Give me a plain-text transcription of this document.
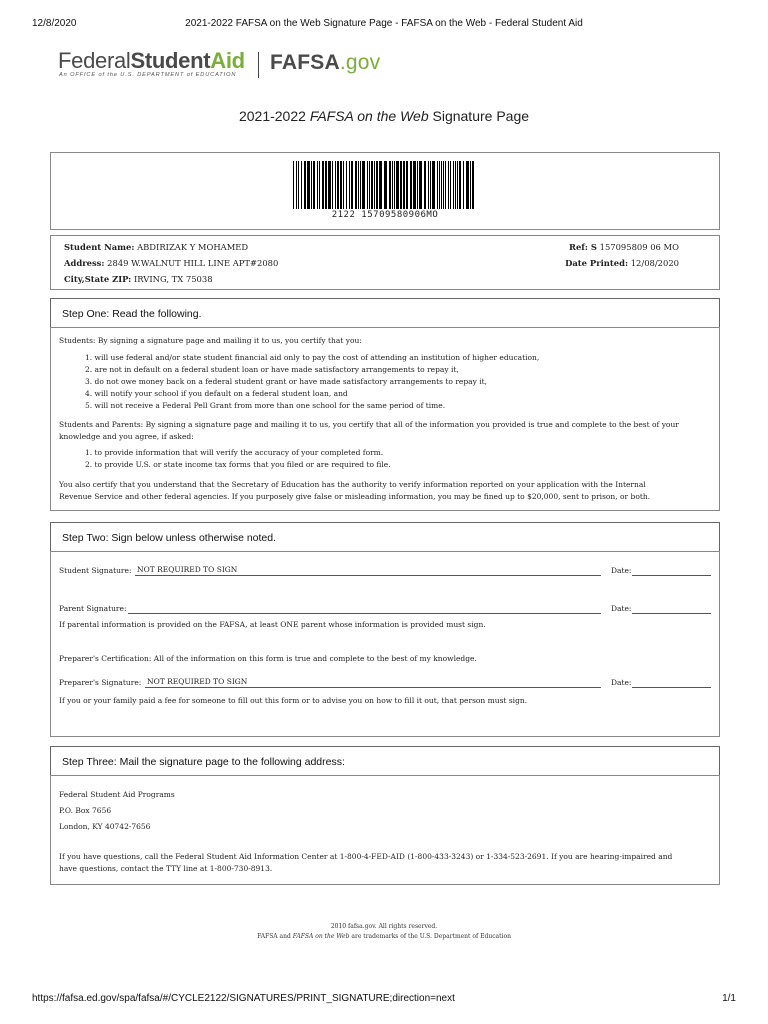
12/8/2020	2021-2022 FAFSA on the Web Signature Page - FAFSA on the Web - Federal Student Aid
FederalStudentAid
An OFFICE of the U.S. DEPARTMENT of EDUCATION
FAFSA.gov
2021-2022 FAFSA on the Web Signature Page
2122 15709580906MO
Student Name: ABDIRIZAK Y MOHAMED
Address: 2849 W.WALNUT HILL LINE APT#2080
City,State ZIP: IRVING, TX 75038
Ref: S 157095809 06 MO
Date Printed: 12/08/2020
Step One: Read the following.
Students: By signing a signature page and mailing it to us, you certify that you:
1. will use federal and/or state student financial aid only to pay the cost of attending an institution of higher education,
2. are not in default on a federal student loan or have made satisfactory arrangements to repay it,
3. do not owe money back on a federal student grant or have made satisfactory arrangements to repay it,
4. will notify your school if you default on a federal student loan, and
5. will not receive a Federal Pell Grant from more than one school for the same period of time.
Students and Parents: By signing a signature page and mailing it to us, you certify that all of the information you provided is true and complete to the best of your
knowledge and you agree, if asked:
1. to provide information that will verify the accuracy of your completed form.
2. to provide U.S. or state income tax forms that you filed or are required to file.
You also certify that you understand that the Secretary of Education has the authority to verify information reported on your application with the Internal
Revenue Service and other federal agencies. If you purposely give false or misleading information, you may be fined up to $20,000, sent to prison, or both.
Step Two: Sign below unless otherwise noted.
Student Signature: NOT REQUIRED TO SIGN	Date:
Parent Signature:	Date:
If parental information is provided on the FAFSA, at least ONE parent whose information is provided must sign.
Preparer's Certification: All of the information on this form is true and complete to the best of my knowledge.
Preparer's Signature: NOT REQUIRED TO SIGN	Date:
If you or your family paid a fee for someone to fill out this form or to advise you on how to fill it out, that person must sign.
Step Three: Mail the signature page to the following address:
Federal Student Aid Programs
P.O. Box 7656
London, KY 40742-7656
If you have questions, call the Federal Student Aid Information Center at 1-800-4-FED-AID (1-800-433-3243) or 1-334-523-2691. If you are hearing-impaired and
have questions, contact the TTY line at 1-800-730-8913.
2010 fafsa.gov. All rights reserved.
FAFSA and FAFSA on the Web are trademarks of the U.S. Department of Education
https://fafsa.ed.gov/spa/fafsa/#/CYCLE2122/SIGNATURES/PRINT_SIGNATURE;direction=next	1/1
